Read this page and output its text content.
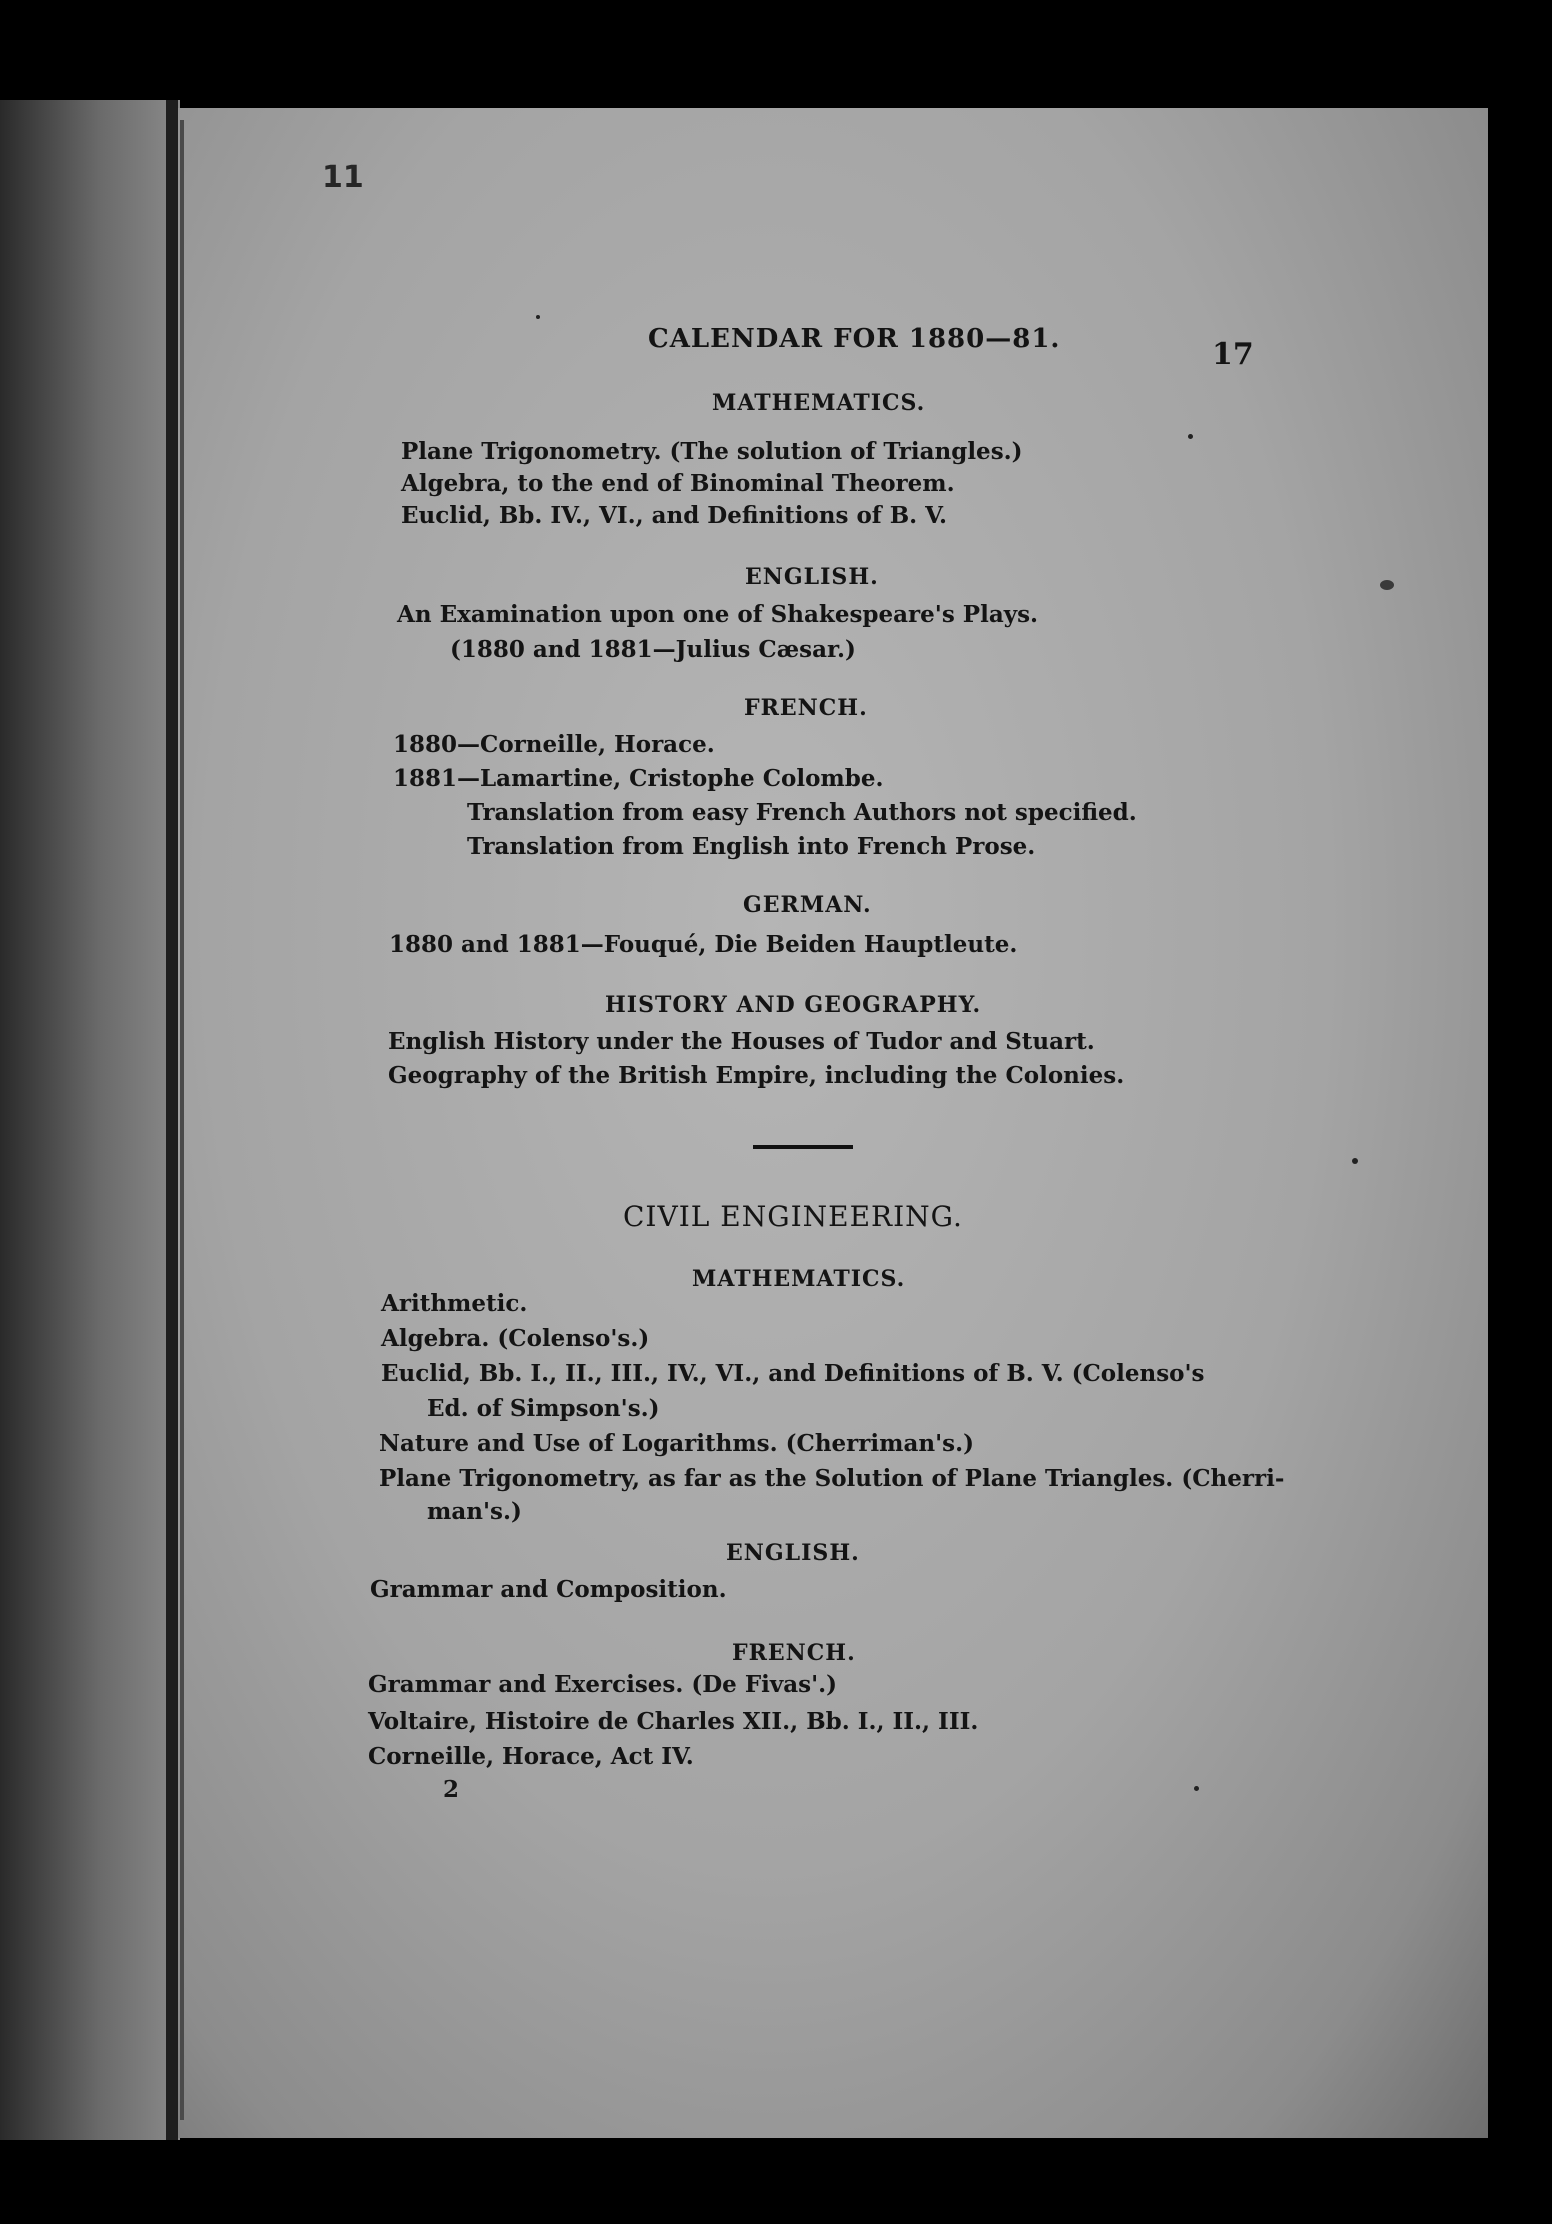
11
CALENDAR FOR 1880—81.	17
MATHEMATICS.
Plane Trigonometry. (The solution of Triangles.)
Algebra, to the end of Binominal Theorem.
Euclid, Bb. IV., VI., and Definitions of B. V.
ENGLISH.
An Examination upon one of Shakespeare's Plays.
(1880 and 1881—Julius Cæsar.)
FRENCH.
1880—Corneille, Horace.
1881—Lamartine, Cristophe Colombe.
Translation from easy French Authors not specified.
Translation from English into French Prose.
GERMAN.
1880 and 1881—Fouqué, Die Beiden Hauptleute.
HISTORY AND GEOGRAPHY.
English History under the Houses of Tudor and Stuart.
Geography of the British Empire, including the Colonies.
CIVIL ENGINEERING.
MATHEMATICS.
Arithmetic.
Algebra. (Colenso's.)
Euclid, Bb. I., II., III., IV., VI., and Definitions of B. V. (Colenso's
Ed. of Simpson's.)
Nature and Use of Logarithms. (Cherriman's.)
Plane Trigonometry, as far as the Solution of Plane Triangles. (Cherri-
man's.)
ENGLISH.
Grammar and Composition.
FRENCH.
Grammar and Exercises. (De Fivas'.)
Voltaire, Histoire de Charles XII., Bb. I., II., III.
Corneille, Horace, Act IV.
2
